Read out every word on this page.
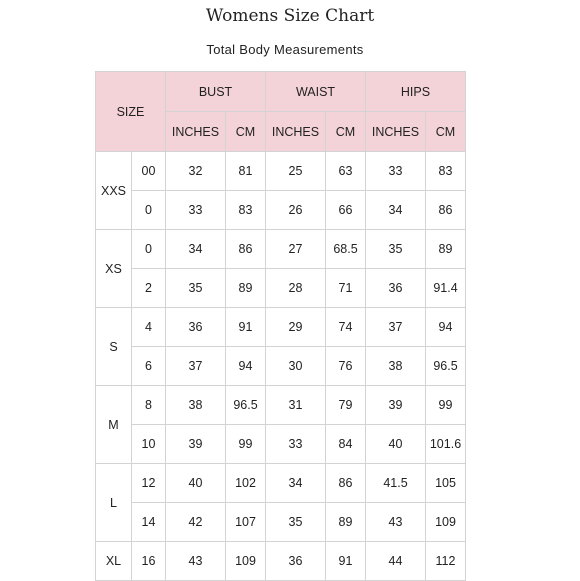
Womens Size Chart
Total Body Measurements
SIZE		BUST		WAIST		HIPS	
		INCHES	CM	INCHES	CM	INCHES	CM
XXS	00	32	81	25	63	33	83
	0	33	83	26	66	34	86
XS	0	34	86	27	68.5	35	89
	2	35	89	28	71	36	91.4
S	4	36	91	29	74	37	94
	6	37	94	30	76	38	96.5
M	8	38	96.5	31	79	39	99
	10	39	99	33	84	40	101.6
L	12	40	102	34	86	41.5	105
	14	42	107	35	89	43	109
XL	16	43	109	36	91	44	112
